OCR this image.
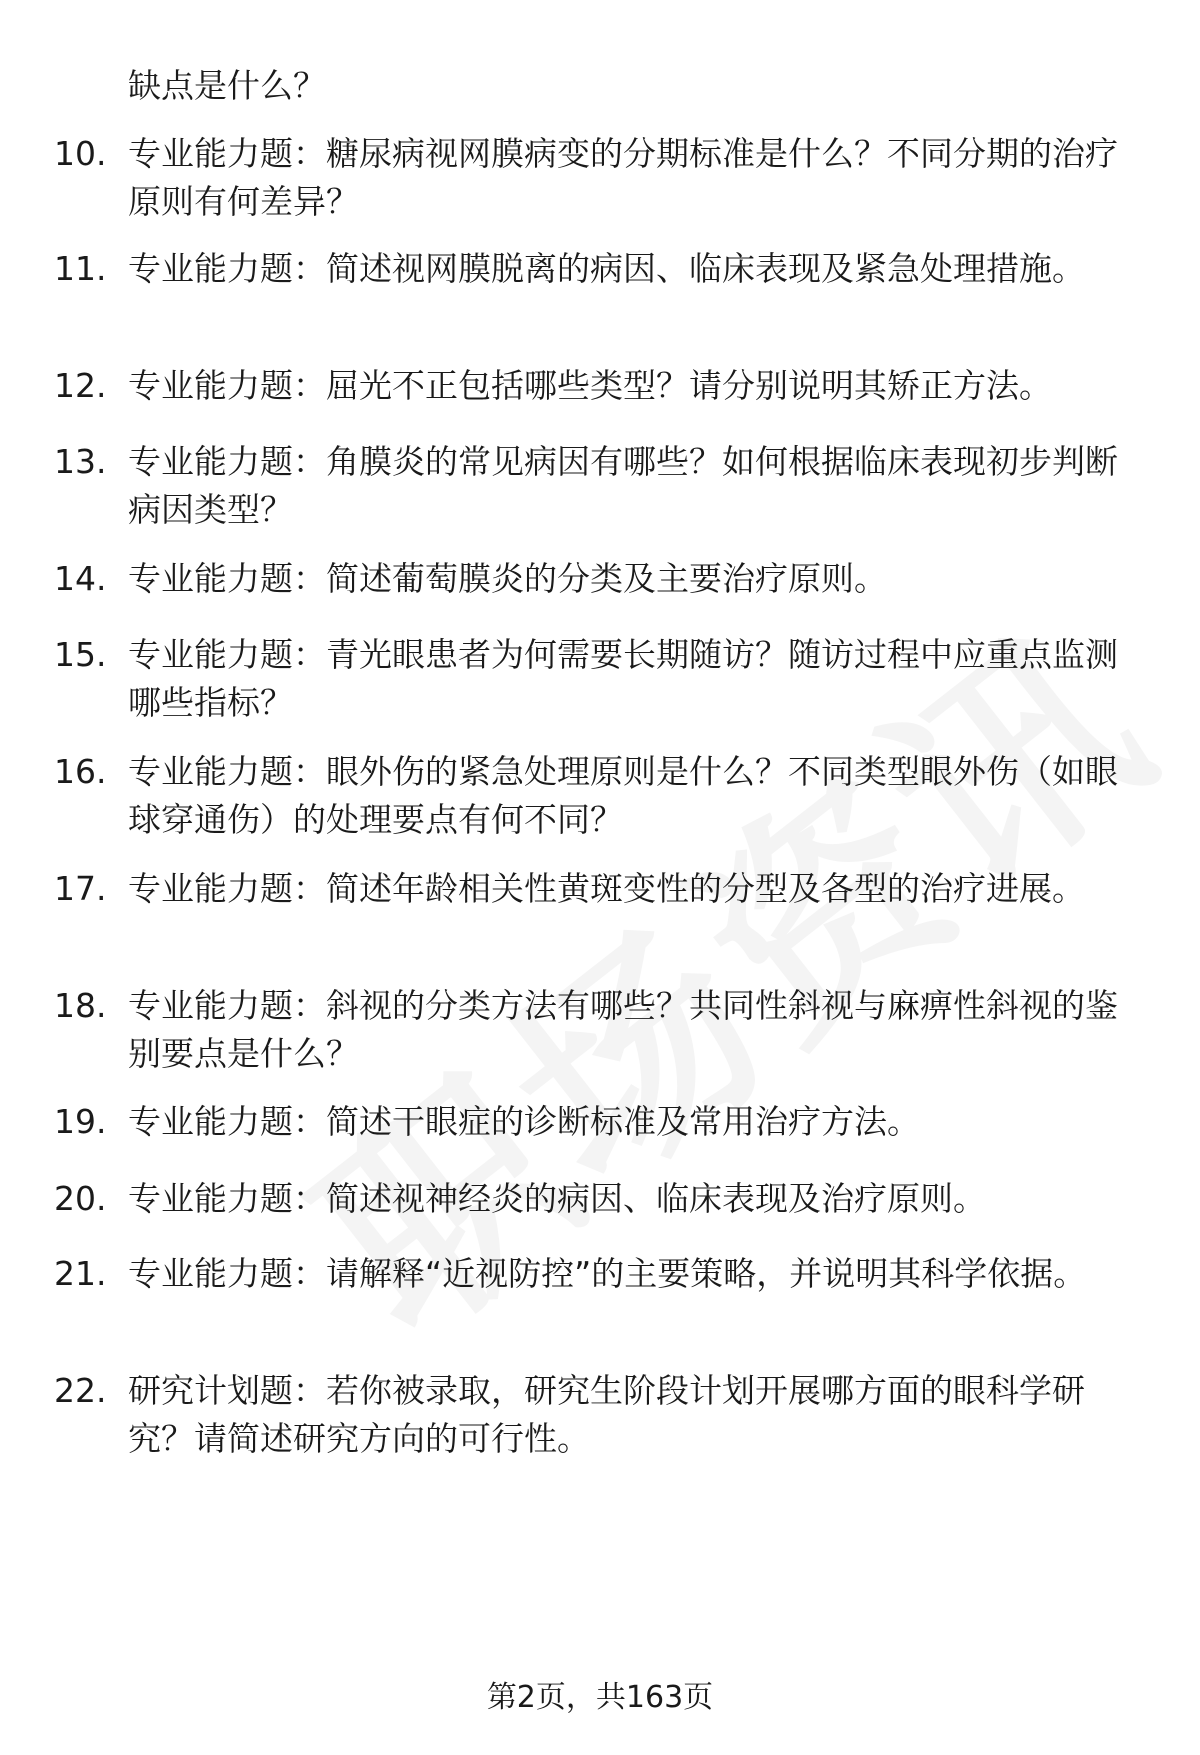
缺点是什么？
10. 专业能力题：糖尿病视网膜病变的分期标准是什么？不同分期的治疗原则有何差异？
11. 专业能力题：简述视网膜脱离的病因、临床表现及紧急处理措施。
12. 专业能力题：屈光不正包括哪些类型？请分别说明其矫正方法。
13. 专业能力题：角膜炎的常见病因有哪些？如何根据临床表现初步判断病因类型？
14. 专业能力题：简述葡萄膜炎的分类及主要治疗原则。
15. 专业能力题：青光眼患者为何需要长期随访？随访过程中应重点监测哪些指标？
16. 专业能力题：眼外伤的紧急处理原则是什么？不同类型眼外伤（如眼球穿通伤）的处理要点有何不同？
17. 专业能力题：简述年龄相关性黄斑变性的分型及各型的治疗进展。
18. 专业能力题：斜视的分类方法有哪些？共同性斜视与麻痹性斜视的鉴别要点是什么？
19. 专业能力题：简述干眼症的诊断标准及常用治疗方法。
20. 专业能力题：简述视神经炎的病因、临床表现及治疗原则。
21. 专业能力题：请解释“近视防控”的主要策略，并说明其科学依据。
22. 研究计划题：若你被录取，研究生阶段计划开展哪方面的眼科学研究？请简述研究方向的可行性。
第2页，共163页
